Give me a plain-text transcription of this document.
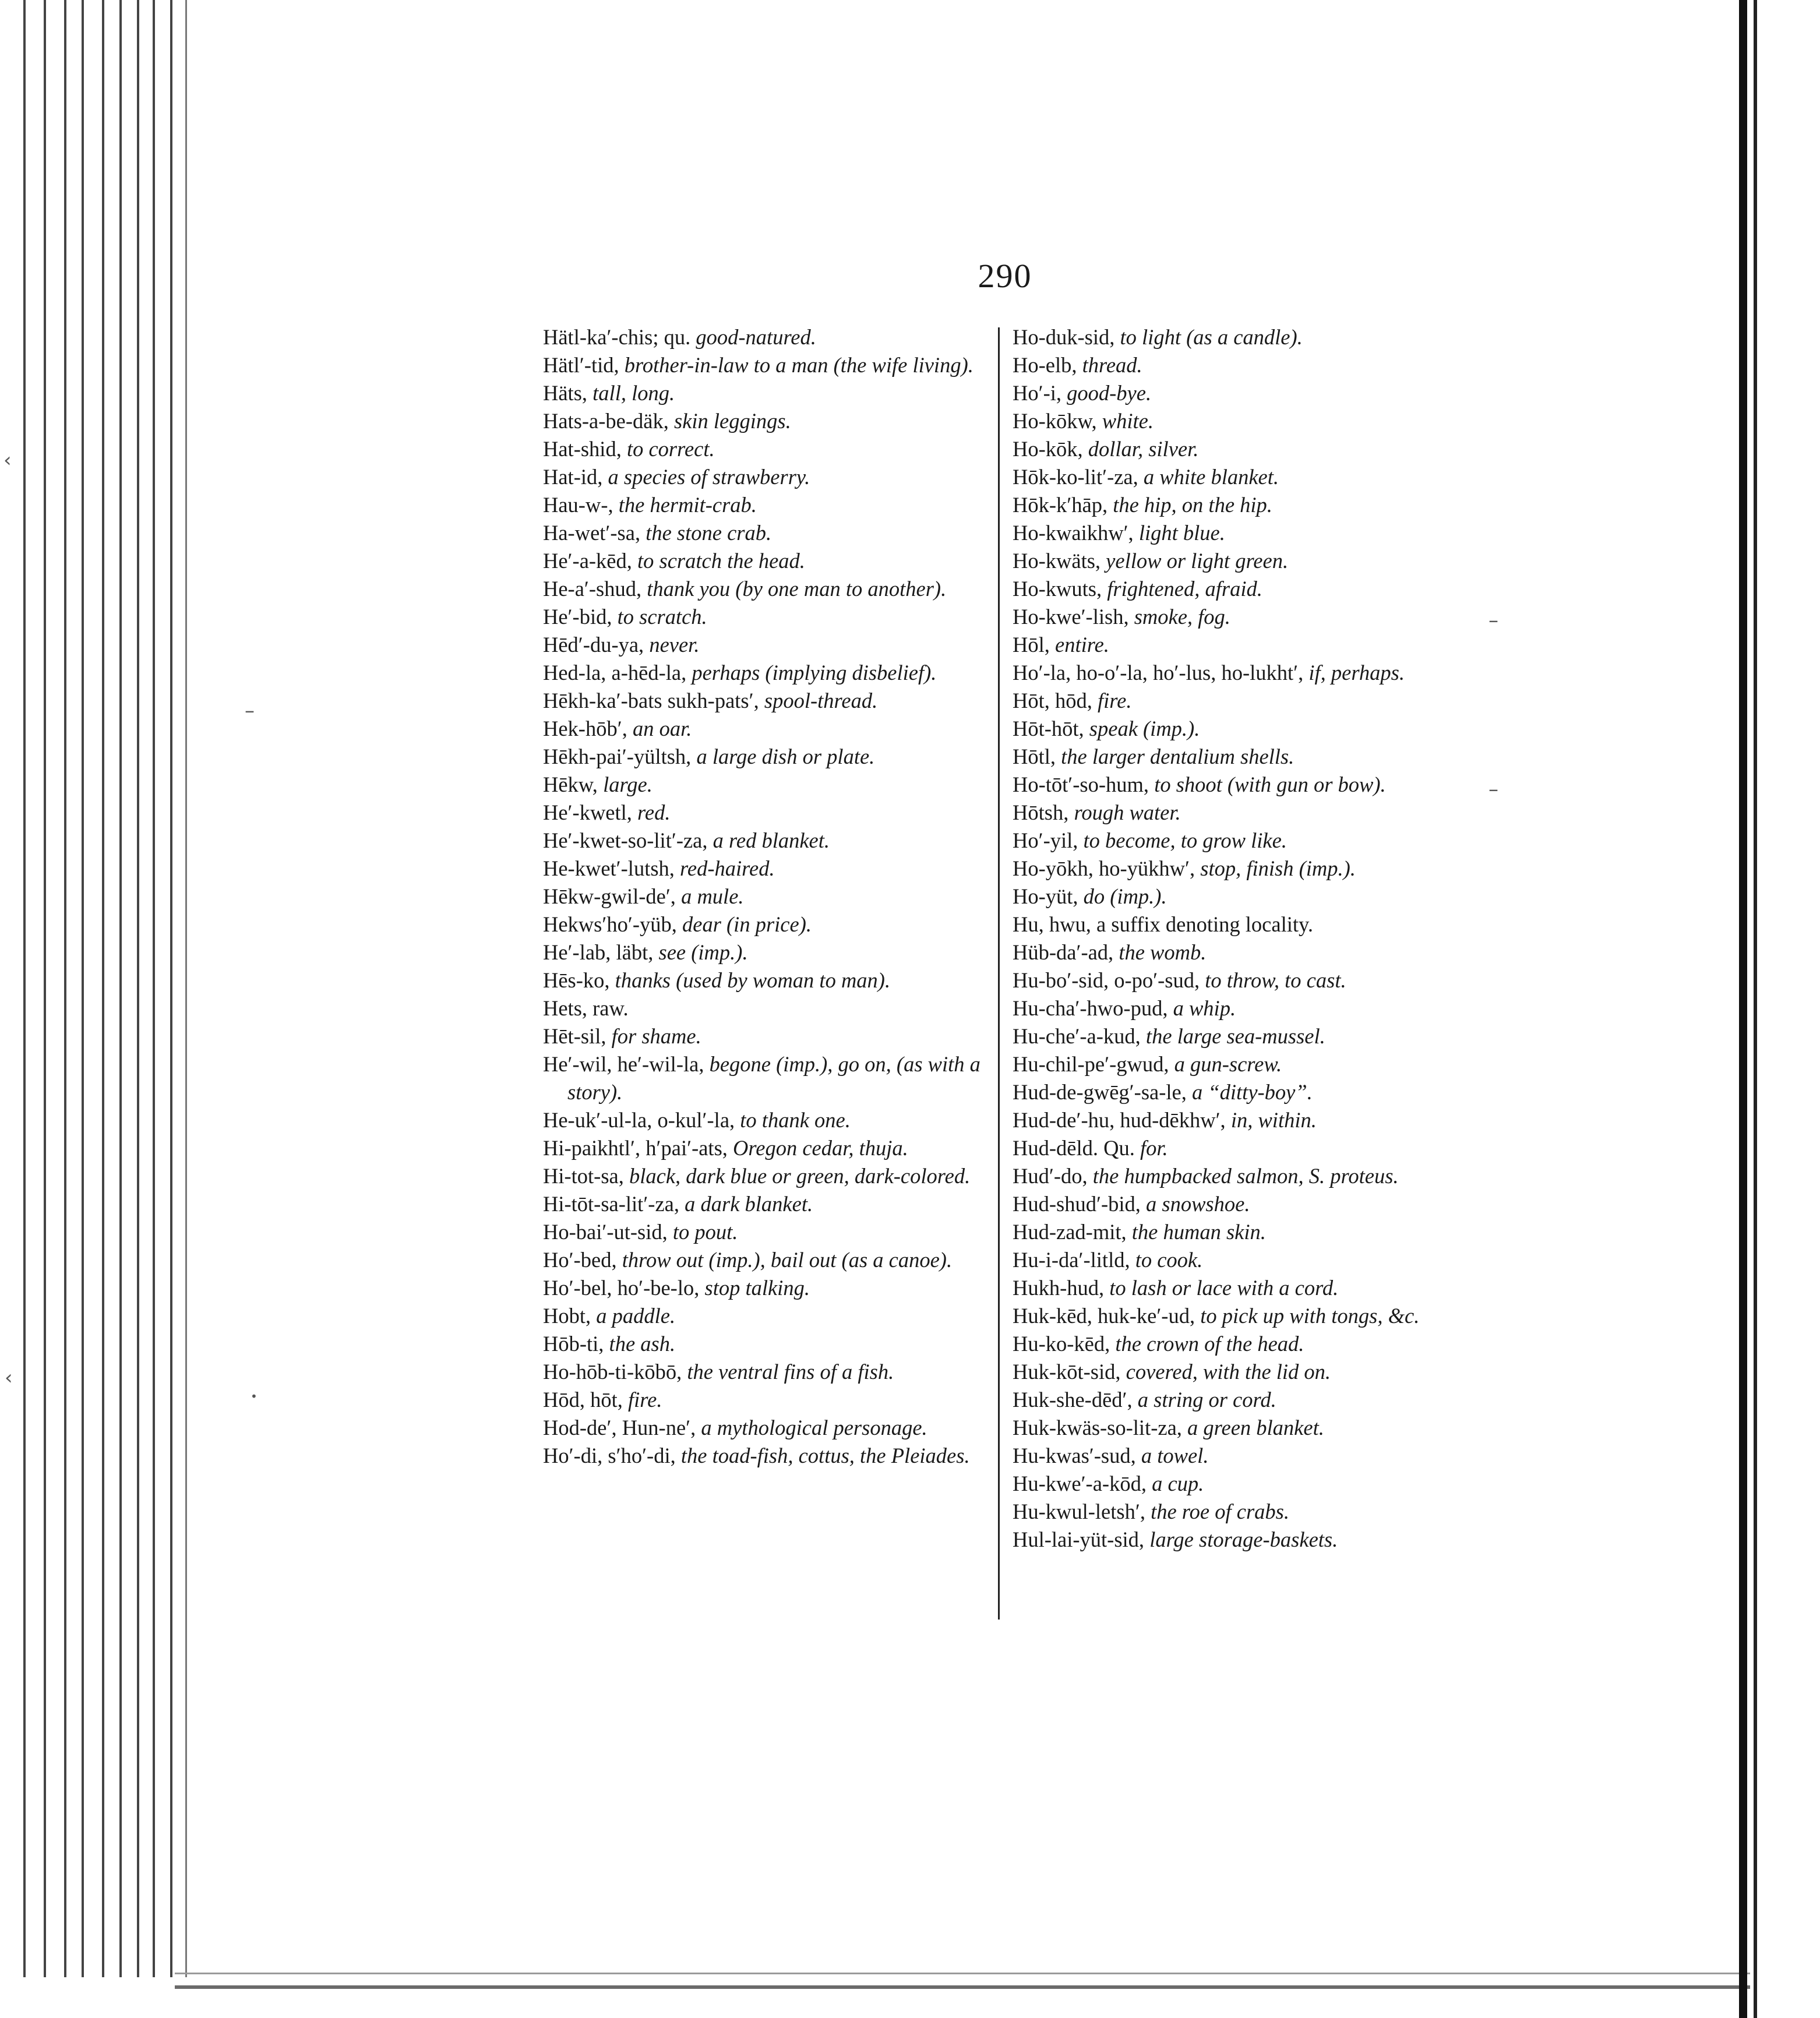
‹
–
‹
•
–
–
290

Hätl-ka′-chis; qu. good-natured.

Hätl′-tid, brother-in-law to a man (the wife living).

Häts, tall, long.

Hats-a-be-däk, skin leggings.

Hat-shid, to correct.

Hat-id, a species of strawberry.

Hau-w-, the hermit-crab.

Ha-wet′-sa, the stone crab.

He′-a-kēd, to scratch the head.

He-a′-shud, thank you (by one man to another).

He′-bid, to scratch.

Hēd′-du-ya, never.

Hed-la, a-hēd-la, perhaps (implying disbelief).

Hēkh-ka′-bats sukh-pats′, spool-thread.

Hek-hōb′, an oar.

Hēkh-pai′-yültsh, a large dish or plate.

Hēkw, large.

He′-kwetl, red.

He′-kwet-so-lit′-za, a red blanket.

He-kwet′-lutsh, red-haired.

Hēkw-gwil-de′, a mule.

Hekws′ho′-yüb, dear (in price).

He′-lab, läbt, see (imp.).

Hēs-ko, thanks (used by woman to man).

Hets, raw.

Hēt-sil, for shame.

He′-wil, he′-wil-la, begone (imp.), go on, (as with a story).

He-uk′-ul-la, o-kul′-la, to thank one.

Hi-paikhtl′, h′pai′-ats, Oregon cedar, thuja.

Hi-tot-sa, black, dark blue or green, dark-colored.

Hi-tōt-sa-lit′-za, a dark blanket.

Ho-bai′-ut-sid, to pout.

Ho′-bed, throw out (imp.), bail out (as a canoe).

Ho′-bel, ho′-be-lo, stop talking.

Hobt, a paddle.

Hōb-ti, the ash.

Ho-hōb-ti-kōbō, the ventral fins of a fish.

Hōd, hōt, fire.

Hod-de′, Hun-ne′, a mythological personage.

Ho′-di, s′ho′-di, the toad-fish, cottus, the Pleiades.

Ho-duk-sid, to light (as a candle).

Ho-elb, thread.

Ho′-i, good-bye.

Ho-kōkw, white.

Ho-kōk, dollar, silver.

Hōk-ko-lit′-za, a white blanket.

Hōk-k′hāp, the hip, on the hip.

Ho-kwaikhw′, light blue.

Ho-kwäts, yellow or light green.

Ho-kwuts, frightened, afraid.

Ho-kwe′-lish, smoke, fog.

Hōl, entire.

Ho′-la, ho-o′-la, ho′-lus, ho-lukht′, if, perhaps.

Hōt, hōd, fire.

Hōt-hōt, speak (imp.).

Hōtl, the larger dentalium shells.

Ho-tōt′-so-hum, to shoot (with gun or bow).

Hōtsh, rough water.

Ho′-yil, to become, to grow like.

Ho-yōkh, ho-yükhw′, stop, finish (imp.).

Ho-yüt, do (imp.).

Hu, hwu, a suffix denoting locality.

Hüb-da′-ad, the womb.

Hu-bo′-sid, o-po′-sud, to throw, to cast.

Hu-cha′-hwo-pud, a whip.

Hu-che′-a-kud, the large sea-mussel.

Hu-chil-pe′-gwud, a gun-screw.

Hud-de-gwēg′-sa-le, a “ditty-boy”.

Hud-de′-hu, hud-dēkhw′, in, within.

Hud-dēld. Qu. for.

Hud′-do, the humpbacked salmon, S. proteus.

Hud-shud′-bid, a snowshoe.

Hud-zad-mit, the human skin.

Hu-i-da′-litld, to cook.

Hukh-hud, to lash or lace with a cord.

Huk-kēd, huk-ke′-ud, to pick up with tongs, &c.

Hu-ko-kēd, the crown of the head.

Huk-kōt-sid, covered, with the lid on.

Huk-she-dēd′, a string or cord.

Huk-kwäs-so-lit-za, a green blanket.

Hu-kwas′-sud, a towel.

Hu-kwe′-a-kōd, a cup.

Hu-kwul-letsh′, the roe of crabs.

Hul-lai-yüt-sid, large storage-baskets.
